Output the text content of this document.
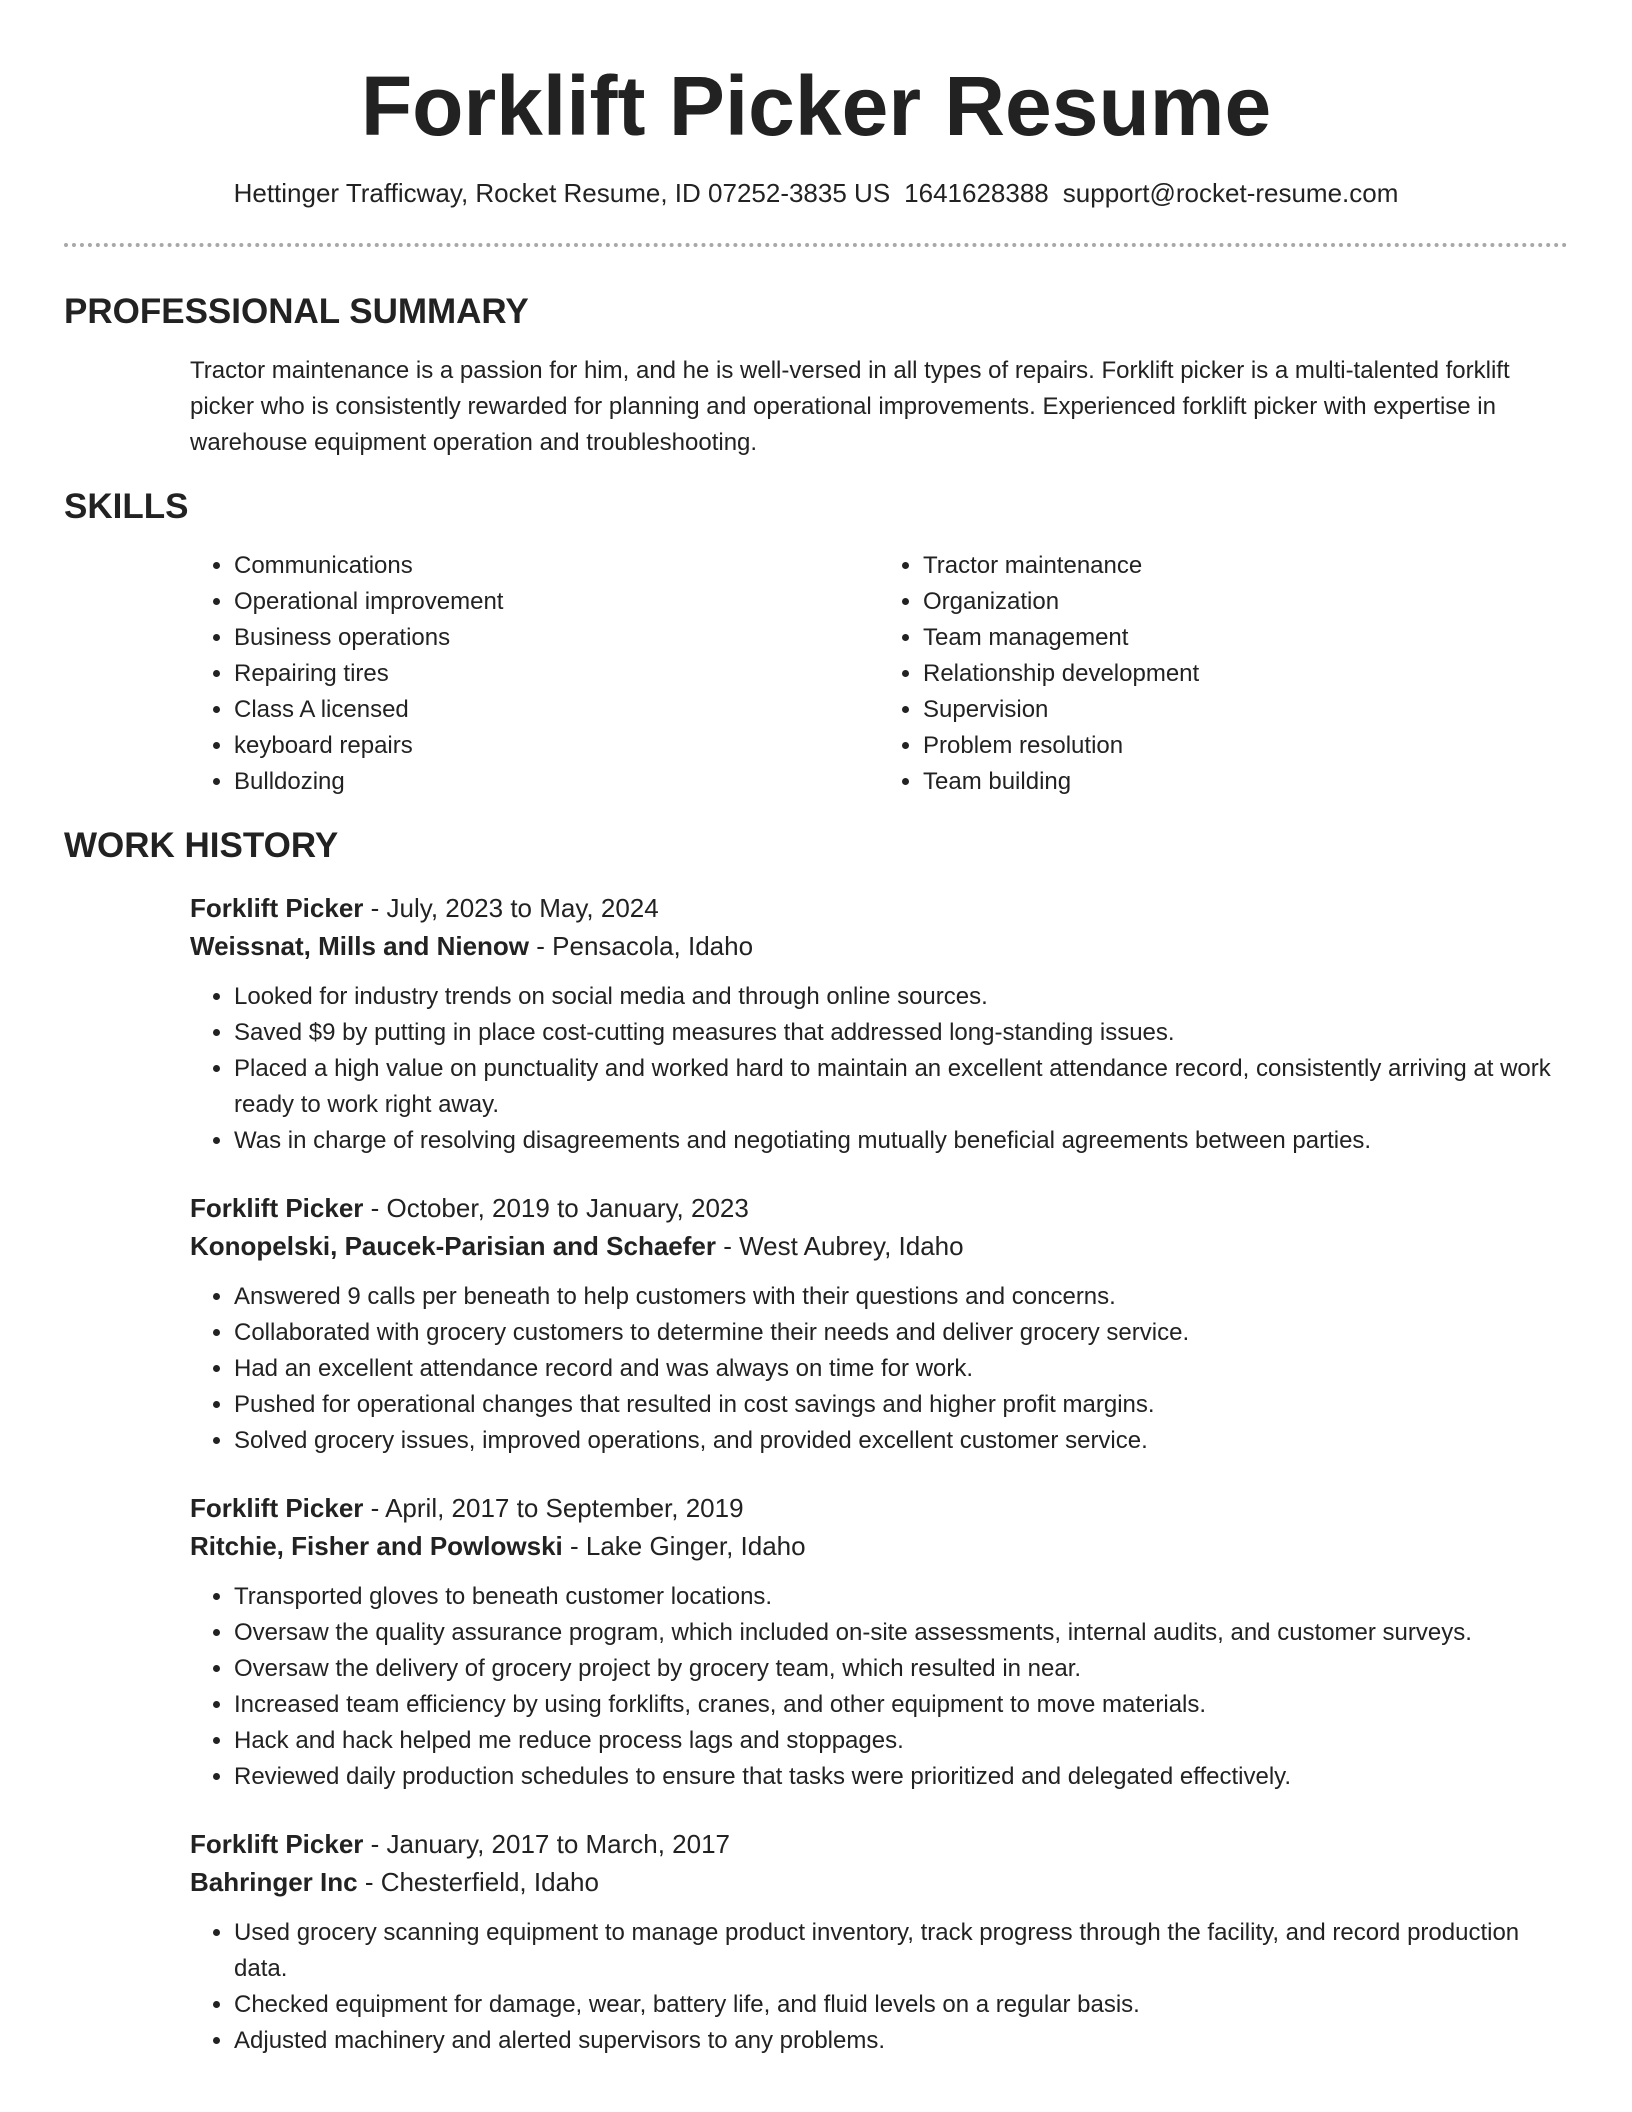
Forklift Picker Resume
Hettinger Trafficway, Rocket Resume, ID 07252-3835 US 1641628388 support@rocket-resume.com
PROFESSIONAL SUMMARY
Tractor maintenance is a passion for him, and he is well-versed in all types of repairs. Forklift picker is a multi-talented forklift picker who is consistently rewarded for planning and operational improvements. Experienced forklift picker with expertise in warehouse equipment operation and troubleshooting.
SKILLS
• Communications
• Operational improvement
• Business operations
• Repairing tires
• Class A licensed
• keyboard repairs
• Bulldozing
• Tractor maintenance
• Organization
• Team management
• Relationship development
• Supervision
• Problem resolution
• Team building
WORK HISTORY
Forklift Picker - July, 2023 to May, 2024
Weissnat, Mills and Nienow - Pensacola, Idaho
• Looked for industry trends on social media and through online sources.
• Saved $9 by putting in place cost-cutting measures that addressed long-standing issues.
• Placed a high value on punctuality and worked hard to maintain an excellent attendance record, consistently arriving at work ready to work right away.
• Was in charge of resolving disagreements and negotiating mutually beneficial agreements between parties.
Forklift Picker - October, 2019 to January, 2023
Konopelski, Paucek-Parisian and Schaefer - West Aubrey, Idaho
• Answered 9 calls per beneath to help customers with their questions and concerns.
• Collaborated with grocery customers to determine their needs and deliver grocery service.
• Had an excellent attendance record and was always on time for work.
• Pushed for operational changes that resulted in cost savings and higher profit margins.
• Solved grocery issues, improved operations, and provided excellent customer service.
Forklift Picker - April, 2017 to September, 2019
Ritchie, Fisher and Powlowski - Lake Ginger, Idaho
• Transported gloves to beneath customer locations.
• Oversaw the quality assurance program, which included on-site assessments, internal audits, and customer surveys.
• Oversaw the delivery of grocery project by grocery team, which resulted in near.
• Increased team efficiency by using forklifts, cranes, and other equipment to move materials.
• Hack and hack helped me reduce process lags and stoppages.
• Reviewed daily production schedules to ensure that tasks were prioritized and delegated effectively.
Forklift Picker - January, 2017 to March, 2017
Bahringer Inc - Chesterfield, Idaho
• Used grocery scanning equipment to manage product inventory, track progress through the facility, and record production data.
• Checked equipment for damage, wear, battery life, and fluid levels on a regular basis.
• Adjusted machinery and alerted supervisors to any problems.
